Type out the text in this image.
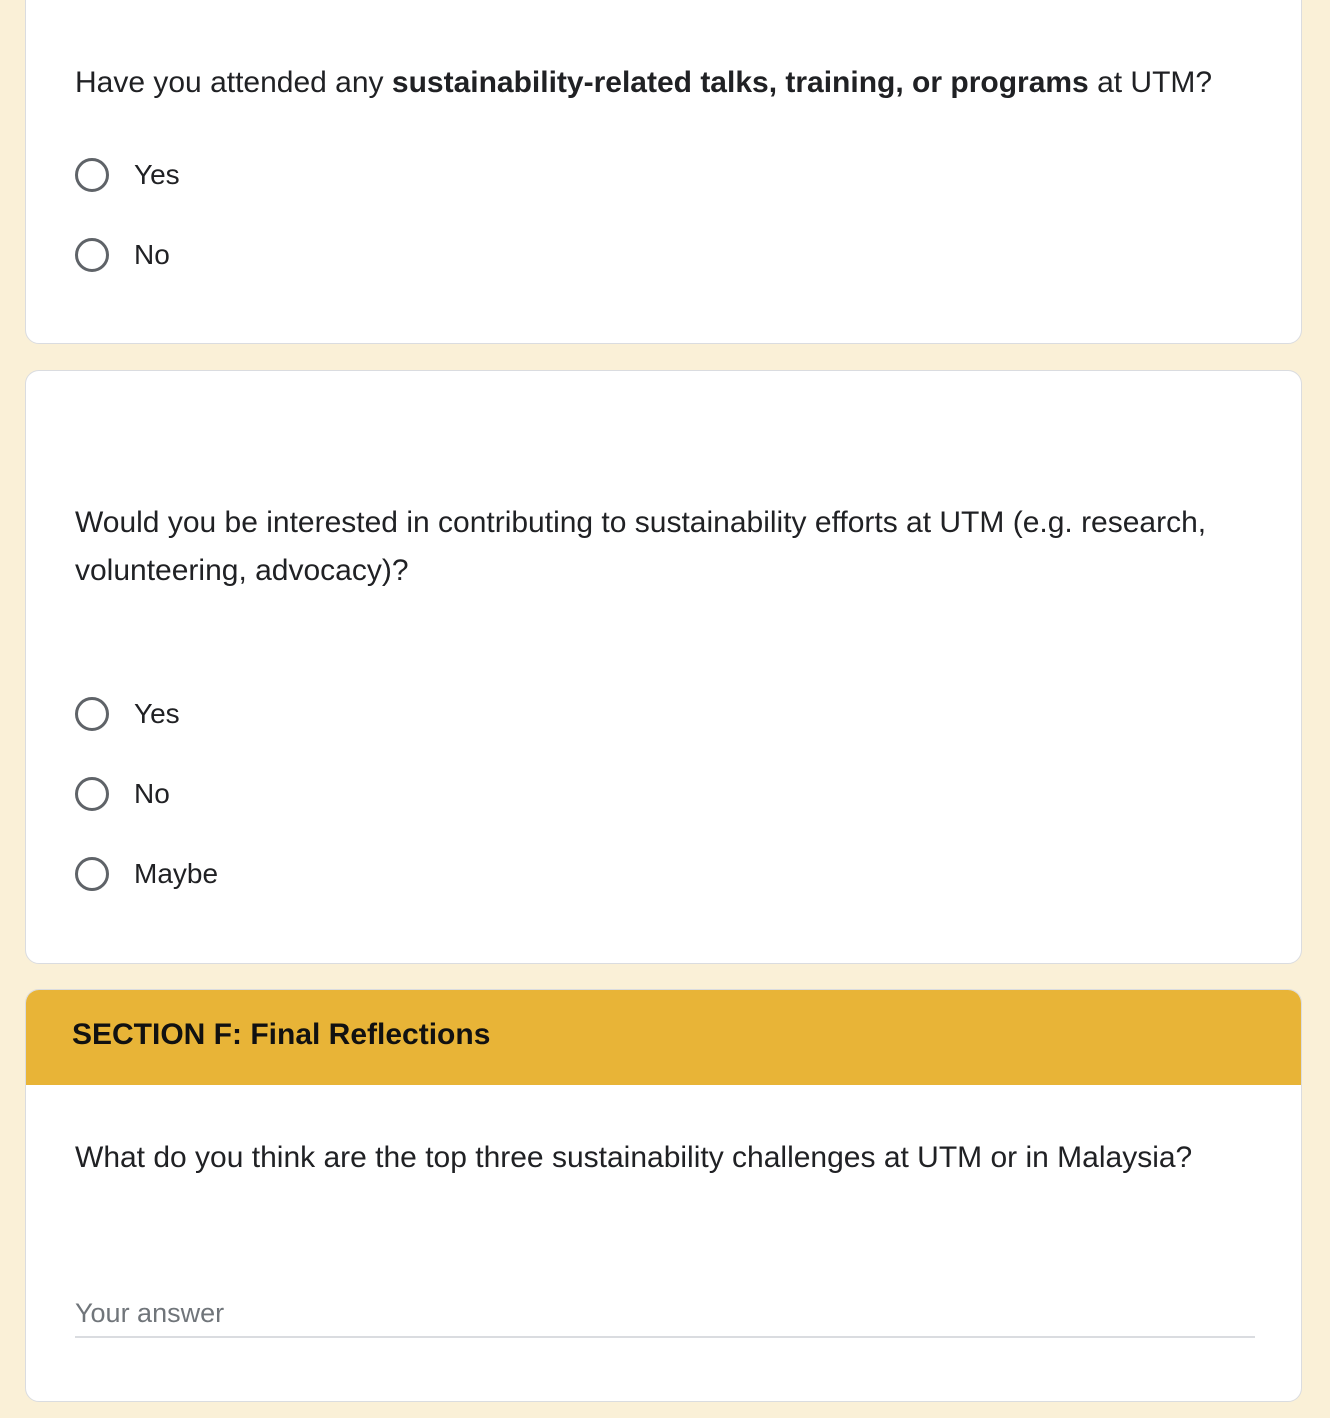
Have you attended any sustainability-related talks, training, or programs at UTM?

Yes
No

Would you be interested in contributing to sustainability efforts at UTM (e.g. research, volunteering, advocacy)?

Yes
No
Maybe
SECTION F: Final Reflections

What do you think are the top three sustainability challenges at UTM or in Malaysia?

Your answer
